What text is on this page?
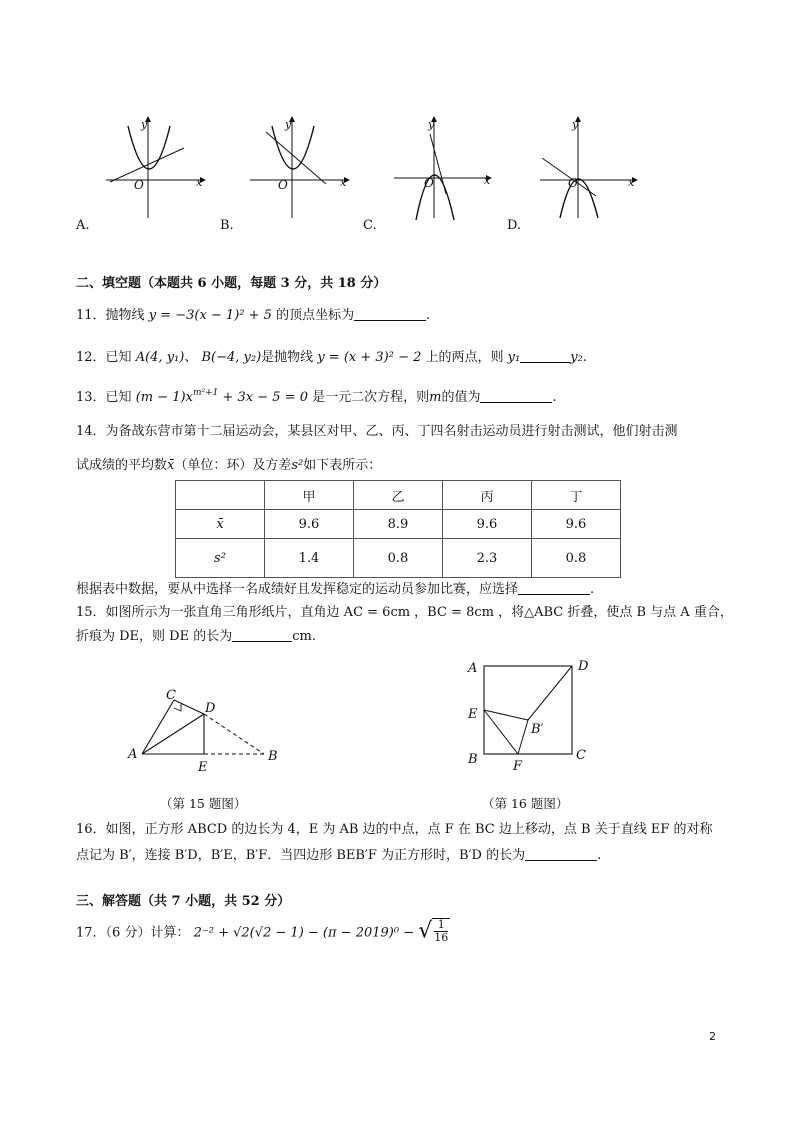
y
x
O
y
x
O
y
x
O
y
x
O
A.	B.	C.	D.
二、填空题（本题共 6 小题，每题 3 分，共 18 分）
11．抛物线 y = −3(x − 1)² + 5 的顶点坐标为	.
12．已知 A(4, y₁)、 B(−4, y₂)是抛物线 y = (x + 3)² − 2 上的两点，则 y₁	y₂.
13．已知 $(m - 1)x^{m^2+1} + 3x - 5 = 0$ 是一元二次方程，则m的值为	.
14．为备战东营市第十二届运动会，某县区对甲、乙、丙、丁四名射击运动员进行射击测试，他们射击测
试成绩的平均数x̄（单位：环）及方差s²如下表所示：
	甲	乙	丙	丁
x̄	9.6	8.9	9.6	9.6
s²	1.4	0.8	2.3	0.8
根据表中数据，要从中选择一名成绩好且发挥稳定的运动员参加比赛，应选择	.
15．如图所示为一张直角三角形纸片，直角边 AC = 6cm ，BC = 8cm ，将△ABC 折叠，使点 B 与点 A 重合，
折痕为 DE，则 DE 的长为	cm.
A	B
C
D
E
（第 15 题图）
A	D
E
B′
B	C
F
（第 16 题图）
16．如图，正方形 ABCD 的边长为 4，E 为 AB 边的中点，点 F 在 BC 边上移动，点 B 关于直线 EF 的对称
点记为 B′，连接 B′D，B′E，B′F．当四边形 BEB′F 为正方形时，B′D 的长为	.
三、解答题（共 7 小题，共 52 分）
17．（6 分）计算： 2⁻² + √2(√2 − 1) − (π − 2019)⁰ − √ $\frac{1}{16}$
2
